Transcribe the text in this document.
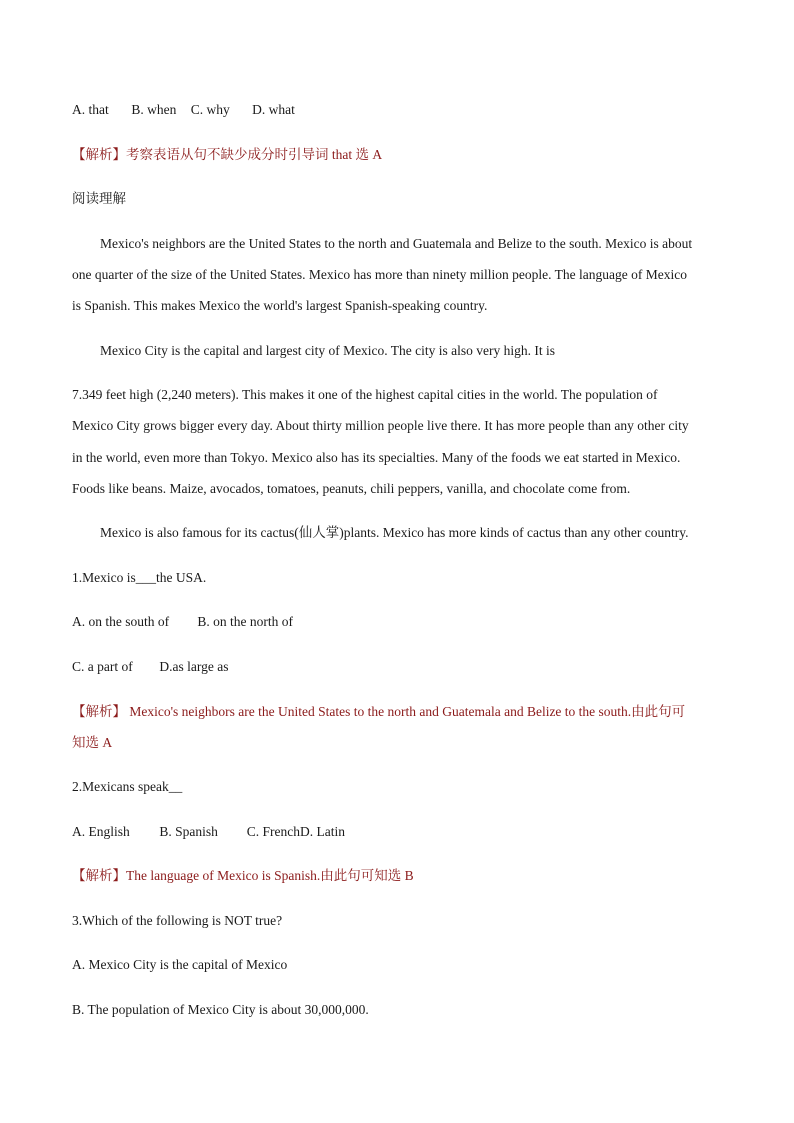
A. that B. when C. why D. what
【解析】考察表语从句不缺少成分时引导词 that 选 A
阅读理解
Mexico's neighbors are the United States to the north and Guatemala and Belize to the south. Mexico is about
one quarter of the size of the United States. Mexico has more than ninety million people. The language of Mexico
is Spanish. This makes Mexico the world's largest Spanish-speaking country.
Mexico City is the capital and largest city of Mexico. The city is also very high. It is
7.349 feet high (2,240 meters). This makes it one of the highest capital cities in the world. The population of
Mexico City grows bigger every day. About thirty million people live there. It has more people than any other city
in the world, even more than Tokyo. Mexico also has its specialties. Many of the foods we eat started in Mexico.
Foods like beans. Maize, avocados, tomatoes, peanuts, chili peppers, vanilla, and chocolate come from.
Mexico is also famous for its cactus(仙人掌)plants. Mexico has more kinds of cactus than any other country.
1.Mexico is___the USA.
A. on the south of B. on the north of
C. a part of D.as large as
【解析】 Mexico's neighbors are the United States to the north and Guatemala and Belize to the south.由此句可
知选 A
2.Mexicans speak__
A. English B. Spanish C. FrenchD. Latin
【解析】The language of Mexico is Spanish.由此句可知选 B
3.Which of the following is NOT true?
A. Mexico City is the capital of Mexico
B. The population of Mexico City is about 30,000,000.
